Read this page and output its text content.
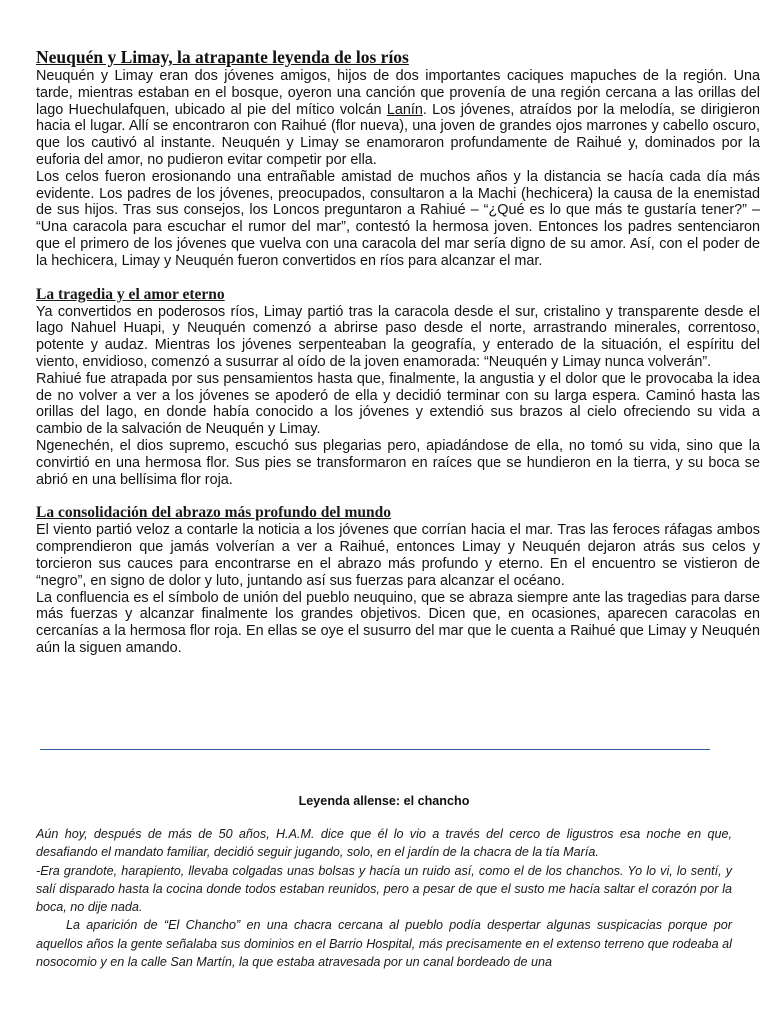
Neuquén y Limay, la atrapante leyenda de los ríos

Neuquén y Limay eran dos jóvenes amigos, hijos de dos importantes caciques mapuches de la región. Una tarde, mientras estaban en el bosque, oyeron una canción que provenía de una región cercana a las orillas del lago Huechulafquen, ubicado al pie del mítico volcán Lanín. Los jóvenes, atraídos por la melodía, se dirigieron hacia el lugar. Allí se encontraron con Raihué (flor nueva), una joven de grandes ojos marrones y cabello oscuro, que los cautivó al instante. Neuquén y Limay se enamoraron profundamente de Raihué y, dominados por la euforia del amor, no pudieron evitar competir por ella.

Los celos fueron erosionando una entrañable amistad de muchos años y la distancia se hacía cada día más evidente. Los padres de los jóvenes, preocupados, consultaron a la Machi (hechicera) la causa de la enemistad de sus hijos. Tras sus consejos, los Loncos preguntaron a Rahiué – “¿Qué es lo que más te gustaría tener?” – “Una caracola para escuchar el rumor del mar”, contestó la hermosa joven. Entonces los padres sentenciaron que el primero de los jóvenes que vuelva con una caracola del mar sería digno de su amor. Así, con el poder de la hechicera, Limay y Neuquén fueron convertidos en ríos para alcanzar el mar.

La tragedia y el amor eterno

Ya convertidos en poderosos ríos, Limay partió tras la caracola desde el sur, cristalino y transparente desde el lago Nahuel Huapi, y Neuquén comenzó a abrirse paso desde el norte, arrastrando minerales, correntoso, potente y audaz. Mientras los jóvenes serpenteaban la geografía, y enterado de la situación, el espíritu del viento, envidioso, comenzó a susurrar al oído de la joven enamorada: “Neuquén y Limay nunca volverán”.

Rahiué fue atrapada por sus pensamientos hasta que, finalmente, la angustia y el dolor que le provocaba la idea de no volver a ver a los jóvenes se apoderó de ella y decidió terminar con su larga espera. Caminó hasta las orillas del lago, en donde había conocido a los jóvenes y extendió sus brazos al cielo ofreciendo su vida a cambio de la salvación de Neuquén y Limay.

Ngenechén, el dios supremo, escuchó sus plegarias pero, apiadándose de ella, no tomó su vida, sino que la convirtió en una hermosa flor. Sus pies se transformaron en raíces que se hundieron en la tierra, y su boca se abrió en una bellísima flor roja.

La consolidación del abrazo más profundo del mundo

El viento partió veloz a contarle la noticia a los jóvenes que corrían hacia el mar. Tras las feroces ráfagas ambos comprendieron que jamás volverían a ver a Raihué, entonces Limay y Neuquén dejaron atrás sus celos y torcieron sus cauces para encontrarse en el abrazo más profundo y eterno. En el encuentro se vistieron de “negro”, en signo de dolor y luto, juntando así sus fuerzas para alcanzar el océano.

La confluencia es el símbolo de unión del pueblo neuquino, que se abraza siempre ante las tragedias para darse más fuerzas y alcanzar finalmente los grandes objetivos. Dicen que, en ocasiones, aparecen caracolas en cercanías a la hermosa flor roja. En ellas se oye el susurro del mar que le cuenta a Raihué que Limay y Neuquén aún la siguen amando.

Leyenda allense: el chancho

Aún hoy, después de más de 50 años, H.A.M. dice que él lo vio a través del cerco de ligustros esa noche en que, desafiando el mandato familiar, decidió seguir jugando, solo, en el jardín de la chacra de la tía María.

-Era grandote, harapiento, llevaba colgadas unas bolsas y hacía un ruido así, como el de los chanchos. Yo lo vi, lo sentí, y salí disparado hasta la cocina donde todos estaban reunidos, pero a pesar de que el susto me hacía saltar el corazón por la boca, no dije nada.

La aparición de “El Chancho” en una chacra cercana al pueblo podía despertar algunas suspicacias porque por aquellos años la gente señalaba sus dominios en el Barrio Hospital, más precisamente en el extenso terreno que rodeaba al nosocomio y en la calle San Martín, la que estaba atravesada por un canal bordeado de una
